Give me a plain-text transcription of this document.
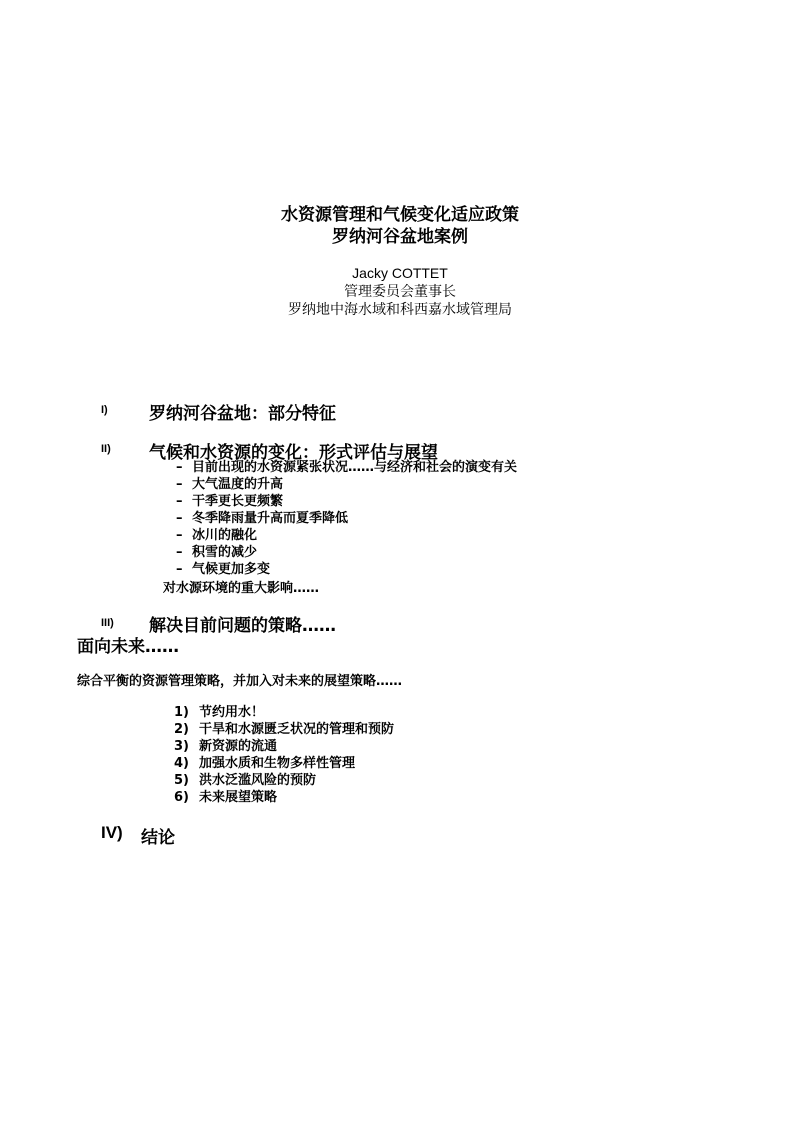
水资源管理和气候变化适应政策
罗纳河谷盆地案例
Jacky COTTET
管理委员会董事长
罗纳地中海水域和科西嘉水域管理局
I) 罗纳河谷盆地：部分特征
II) 气候和水资源的变化：形式评估与展望
– 目前出现的水资源紧张状况……与经济和社会的演变有关
– 大气温度的升高
– 干季更长更频繁
– 冬季降雨量升高而夏季降低
– 冰川的融化
– 积雪的减少
– 气候更加多变
对水源环境的重大影响……
III) 解决目前问题的策略……
面向未来……
综合平衡的资源管理策略，并加入对未来的展望策略……
1) 节约用水！
2) 干旱和水源匮乏状况的管理和预防
3) 新资源的流通
4) 加强水质和生物多样性管理
5) 洪水泛滥风险的预防
6) 未来展望策略
IV) 结论
